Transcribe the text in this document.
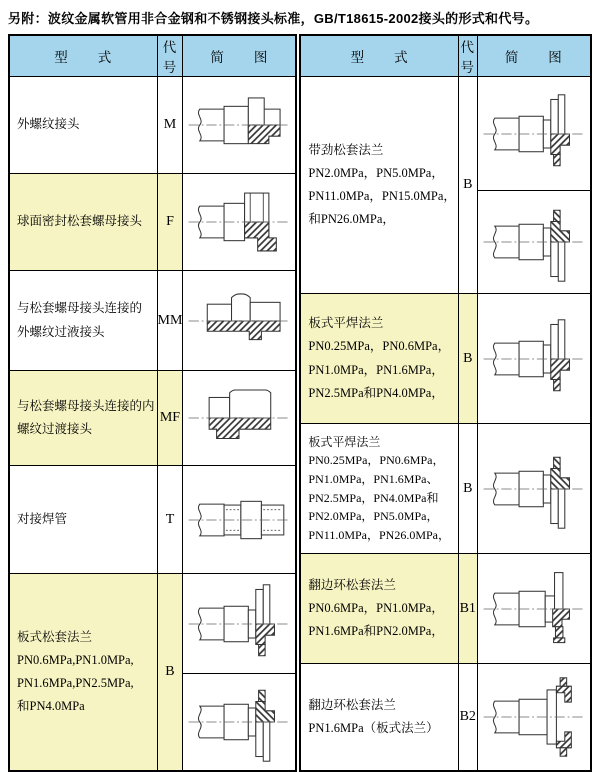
另附：波纹金属软管用非合金钢和不锈钢接头标准，GB/T18615-2002接头的形式和代号。
型　　式	代号	简　　图

外螺纹接头	M	

球面密封松套螺母接头	F	

与松套螺母接头连接的
外螺纹过液接头	MM	

与松套螺母接头连接的内
螺纹过渡接头	MF	

对接焊管	T	

板式松套法兰
PN0.6MPa,PN1.0MPa,
PN1.6MPa,PN2.5MPa,
和PN4.0MPa	B	

型　　式	代号	简　　图

带劲松套法兰
PN2.0MPa，PN5.0MPa，
PN11.0MPa，PN15.0MPa，
和PN26.0MPa，	B	

板式平焊法兰
PN0.25MPa，PN0.6MPa，
PN1.0MPa，PN1.6MPa，
PN2.5MPa和PN4.0MPa，	B	

板式平焊法兰
PN0.25MPa，PN0.6MPa，
PN1.0MPa，PN1.6MPa、
PN2.5MPa，PN4.0MPa和
PN2.0MPa，PN5.0MPa，
PN11.0MPa，PN26.0MPa，
	B	

翻边环松套法兰
PN0.6MPa，PN1.0MPa，
PN1.6MPa和PN2.0MPa，	B1	

翻边环松套法兰
PN1.6MPa（板式法兰）	B2	
